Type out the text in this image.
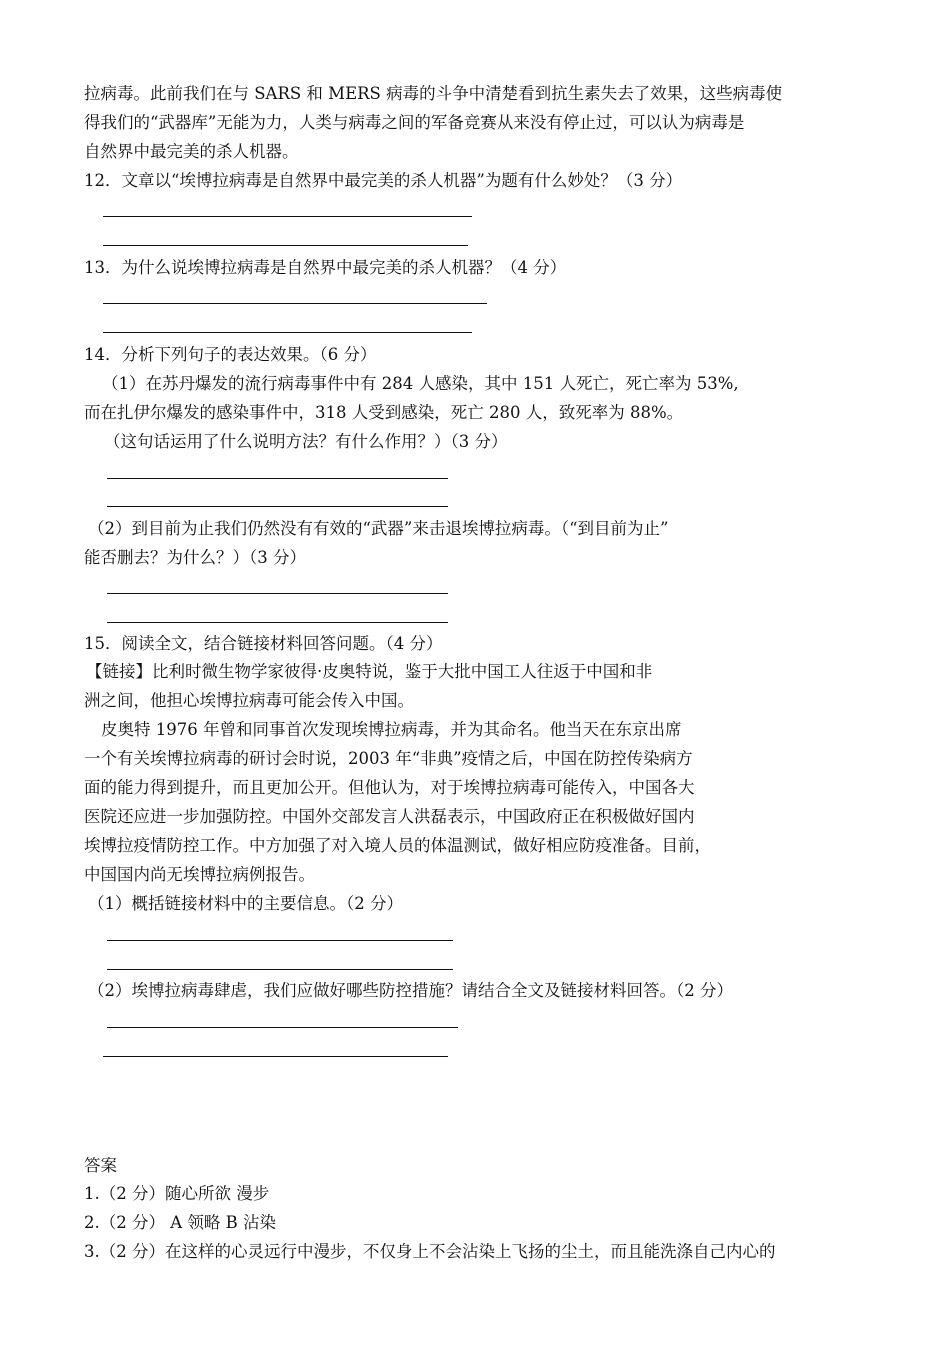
拉病毒。此前我们在与 SARS 和 MERS 病毒的斗争中清楚看到抗生素失去了效果，这些病毒使
得我们的“武器库”无能为力，人类与病毒之间的军备竞赛从来没有停止过，可以认为病毒是
自然界中最完美的杀人机器。
12．文章以“埃博拉病毒是自然界中最完美的杀人机器”为题有什么妙处？（3 分）
13．为什么说埃博拉病毒是自然界中最完美的杀人机器？（4 分）
14．分析下列句子的表达效果。（6 分）
（1）在苏丹爆发的流行病毒事件中有 284 人感染，其中 151 人死亡，死亡率为 53%,
而在扎伊尔爆发的感染事件中，318 人受到感染，死亡 280 人，致死率为 88%。
（这句话运用了什么说明方法？有什么作用？）（3 分）
（2）到目前为止我们仍然没有有效的“武器”来击退埃博拉病毒。（“到目前为止”
能否删去？为什么？）（3 分）
15．阅读全文，结合链接材料回答问题。（4 分）
【链接】比利时微生物学家彼得·皮奥特说，鉴于大批中国工人往返于中国和非
洲之间，他担心埃博拉病毒可能会传入中国。
皮奥特 1976 年曾和同事首次发现埃博拉病毒，并为其命名。他当天在东京出席
一个有关埃博拉病毒的研讨会时说，2003 年“非典”疫情之后，中国在防控传染病方
面的能力得到提升，而且更加公开。但他认为，对于埃博拉病毒可能传入，中国各大
医院还应进一步加强防控。中国外交部发言人洪磊表示，中国政府正在积极做好国内
埃博拉疫情防控工作。中方加强了对入境人员的体温测试，做好相应防疫准备。目前，
中国国内尚无埃博拉病例报告。
（1）概括链接材料中的主要信息。（2 分）
（2）埃博拉病毒肆虐，我们应做好哪些防控措施？请结合全文及链接材料回答。（2 分）
答案
1.（2 分）随心所欲 漫步
2.（2 分） A 领略 B 沾染
3.（2 分）在这样的心灵远行中漫步，不仅身上不会沾染上飞扬的尘土，而且能洗涤自己内心的
